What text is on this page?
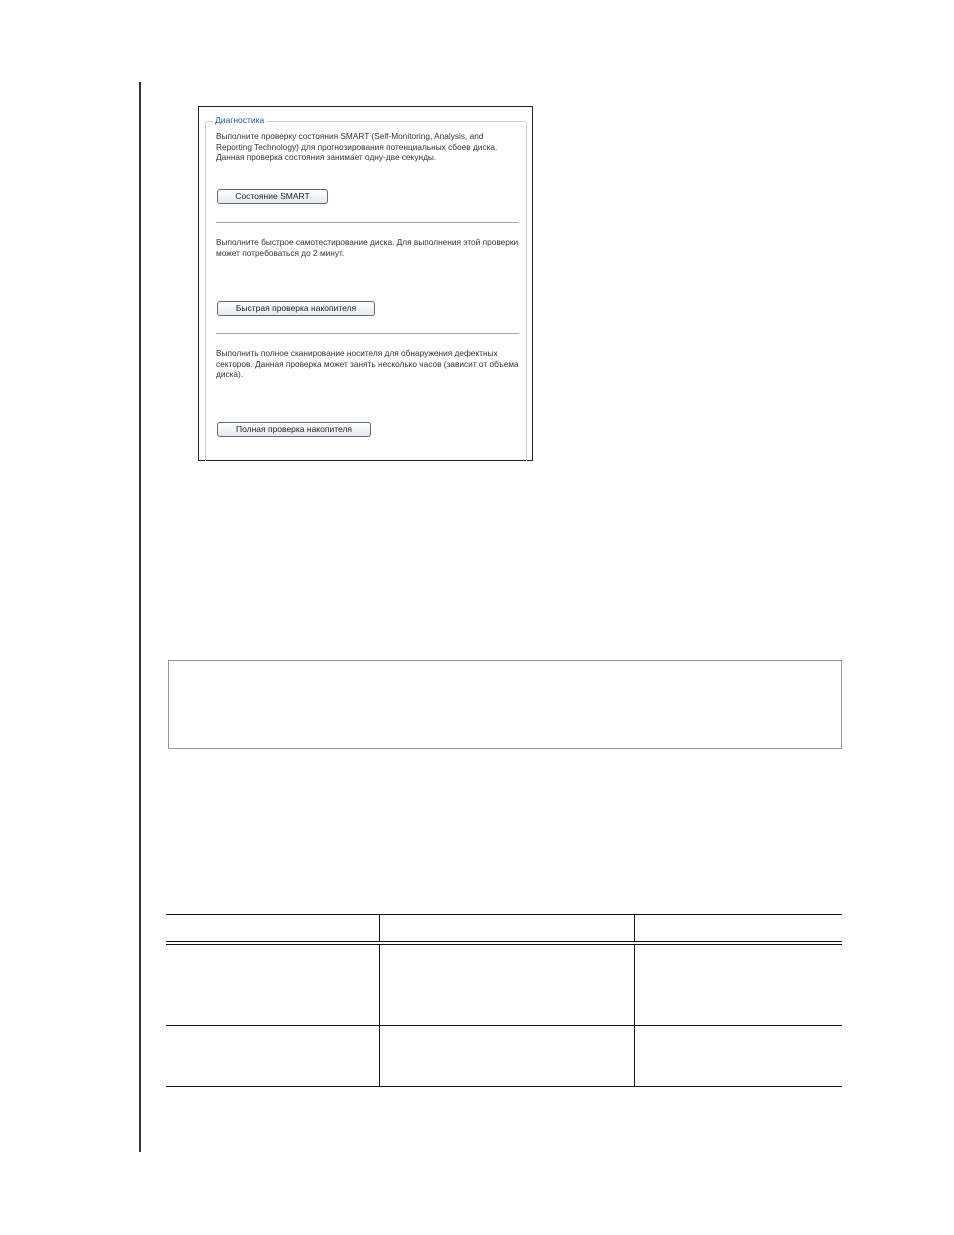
Диагностика
Выполните проверку состояния SMART (Self-Monitoring, Analysis, and Reporting Technology) для прогнозирования потенциальных сбоев диска. Данная проверка состояния занимает одну-две секунды.
Состояние SMART
Выполните быстрое самотестирование диска. Для выполнения этой проверки может потребоваться до 2 минут.
Быстрая проверка накопителя
Выполнить полное сканирование носителя для обнаружения дефектных секторов. Данная проверка может занять несколько часов (зависит от объема диска).
Полная проверка накопителя
